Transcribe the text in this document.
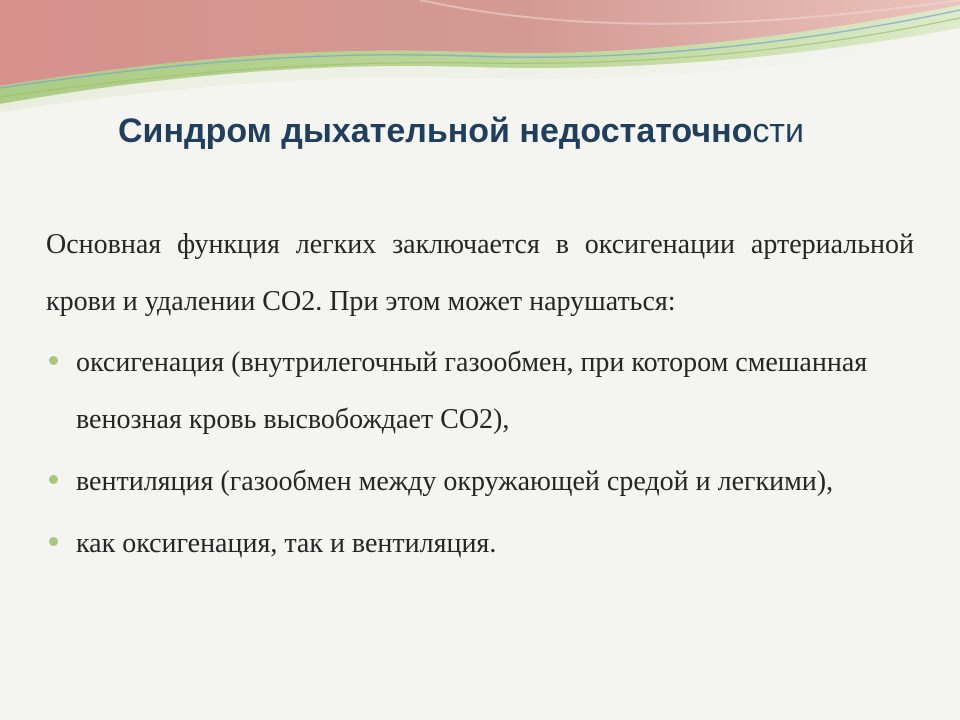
Синдром дыхательной недостаточности

Основная функция легких заключается в оксигенации артериальной крови и удалении СО2. При этом может нарушаться:

оксигенация (внутрилегочный газообмен, при котором смешанная венозная кровь высвобождает СО2),
вентиляция (газообмен между окружающей средой и легкими),
как оксигенация, так и вентиляция.
